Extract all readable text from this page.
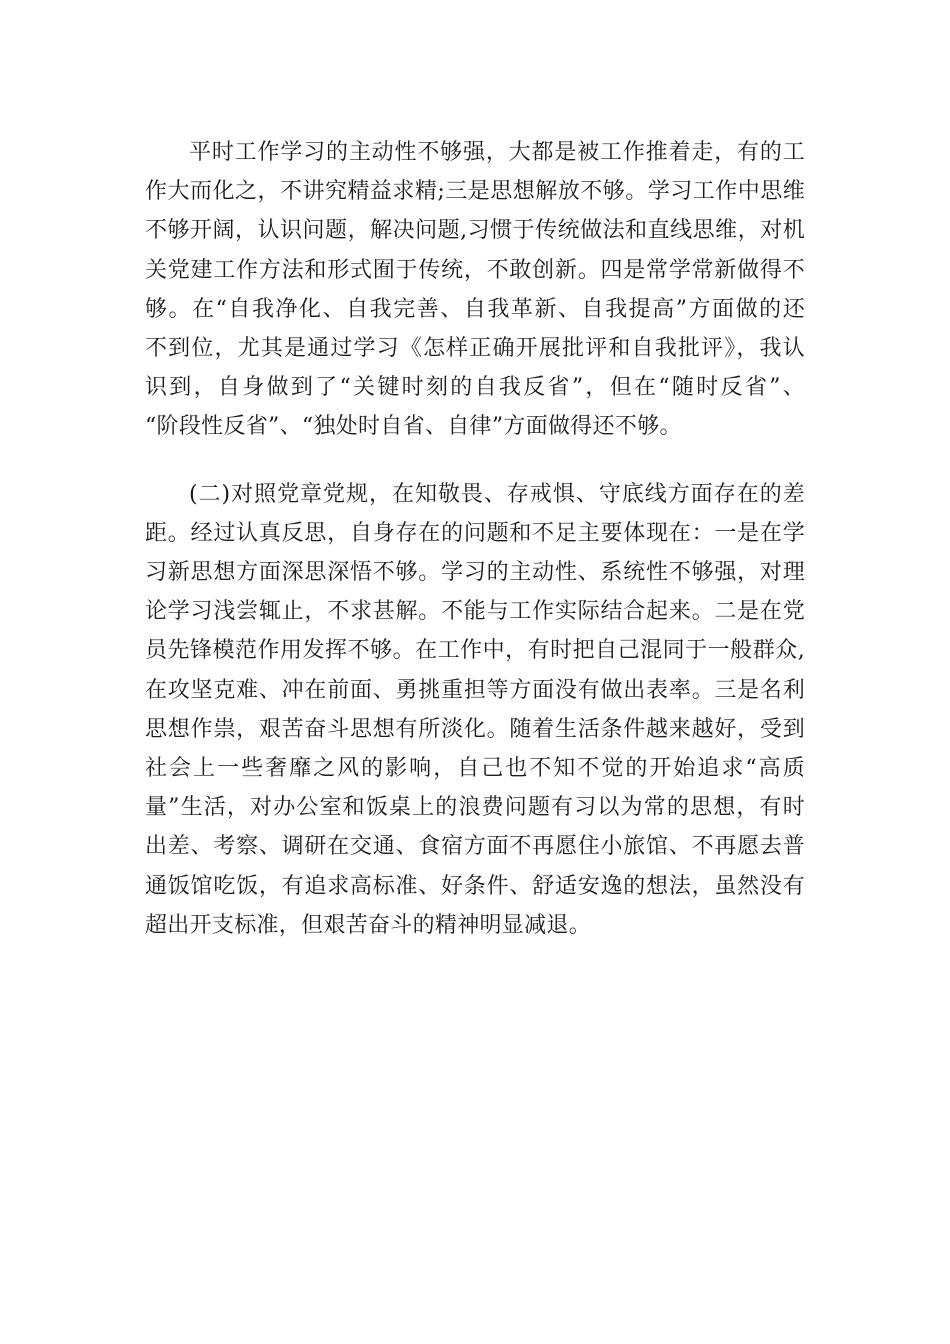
平时工作学习的主动性不够强，大都是被工作推着走，有的工
作大而化之，不讲究精益求精;三是思想解放不够。学习工作中思维
不够开阔，认识问题，解决问题,习惯于传统做法和直线思维，对机
关党建工作方法和形式囿于传统，不敢创新。四是常学常新做得不
够。在“自我净化、自我完善、自我革新、自我提高”方面做的还
不到位，尤其是通过学习《怎样正确开展批评和自我批评》，我认
识到，自身做到了“关键时刻的自我反省”，但在“随时反省”、
“阶段性反省”、“独处时自省、自律”方面做得还不够。

(二)对照党章党规，在知敬畏、存戒惧、守底线方面存在的差
距。经过认真反思，自身存在的问题和不足主要体现在：一是在学
习新思想方面深思深悟不够。学习的主动性、系统性不够强，对理
论学习浅尝辄止，不求甚解。不能与工作实际结合起来。二是在党
员先锋模范作用发挥不够。在工作中，有时把自己混同于一般群众,
在攻坚克难、冲在前面、勇挑重担等方面没有做出表率。三是名利
思想作祟，艰苦奋斗思想有所淡化。随着生活条件越来越好，受到
社会上一些奢靡之风的影响，自己也不知不觉的开始追求“高质
量”生活，对办公室和饭桌上的浪费问题有习以为常的思想，有时
出差、考察、调研在交通、食宿方面不再愿住小旅馆、不再愿去普
通饭馆吃饭，有追求高标准、好条件、舒适安逸的想法，虽然没有
超出开支标准，但艰苦奋斗的精神明显减退。
